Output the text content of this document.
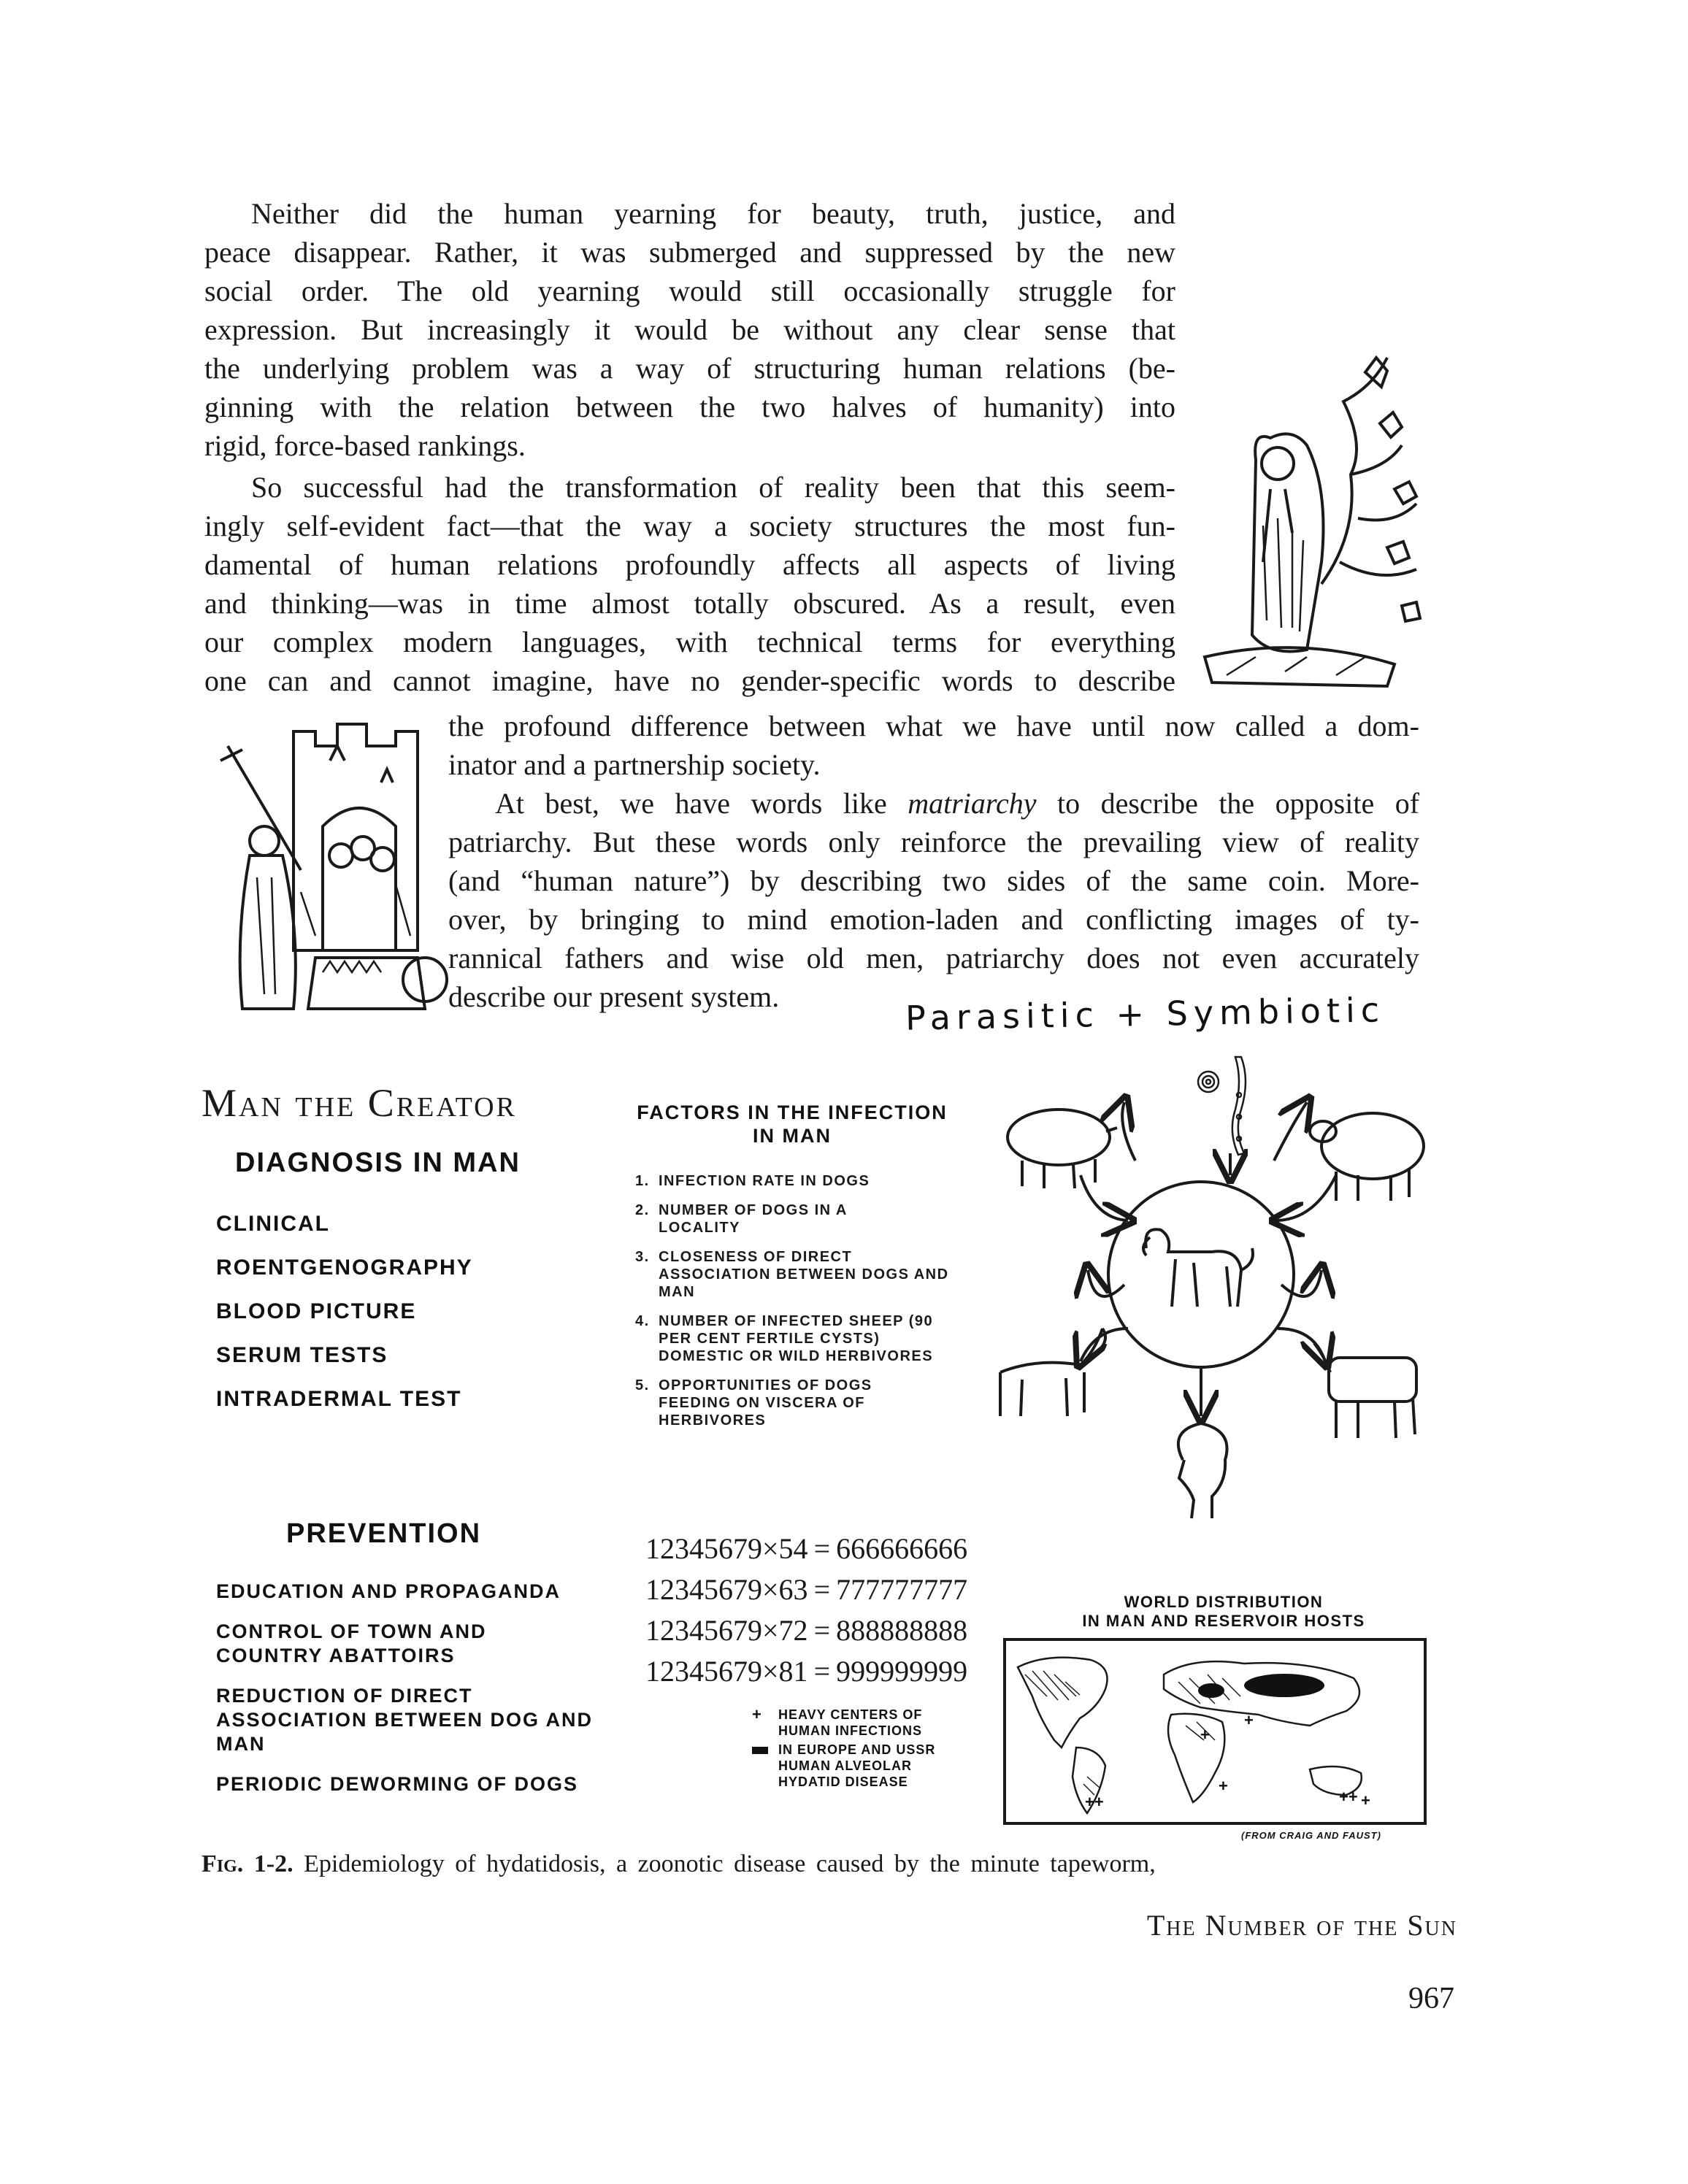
Neither did the human yearning for beauty, truth, justice, and
peace disappear. Rather, it was submerged and suppressed by the new
social order. The old yearning would still occasionally struggle for
expression. But increasingly it would be without any clear sense that
the underlying problem was a way of structuring human relations (be-
ginning with the relation between the two halves of humanity) into
rigid, force-based rankings.
So successful had the transformation of reality been that this seem-
ingly self-evident fact—that the way a society structures the most fun-
damental of human relations profoundly affects all aspects of living
and thinking—was in time almost totally obscured. As a result, even
our complex modern languages, with technical terms for everything
one can and cannot imagine, have no gender-specific words to describe
the profound difference between what we have until now called a dom-
inator and a partnership society.
At best, we have words like matriarchy to describe the opposite of
patriarchy. But these words only reinforce the prevailing view of reality
(and “human nature”) by describing two sides of the same coin. More-
over, by bringing to mind emotion-laden and conflicting images of ty-
rannical fathers and wise old men, patriarchy does not even accurately
describe our present system.	Parasitic + Symbiotic
Man the Creator
DIAGNOSIS IN MAN
CLINICAL
ROENTGENOGRAPHY
BLOOD PICTURE
SERUM TESTS
INTRADERMAL TEST
PREVENTION
EDUCATION AND PROPAGANDA
CONTROL OF TOWN AND COUNTRY ABATTOIRS
REDUCTION OF DIRECT ASSOCIATION BETWEEN DOG AND MAN
PERIODIC DEWORMING OF DOGS
FACTORS IN THE INFECTION
IN MAN
1. INFECTION RATE IN DOGS
2. NUMBER OF DOGS IN A LOCALITY
3. CLOSENESS OF DIRECT ASSOCIATION BETWEEN DOGS AND MAN
4. NUMBER OF INFECTED SHEEP (90 PER CENT FERTILE CYSTS) DOMESTIC OR WILD HERBIVORES
5. OPPORTUNITIES OF DOGS FEEDING ON VISCERA OF HERBIVORES
12345679×54 = 666666666
12345679×63 = 777777777
12345679×72 = 888888888
12345679×81 = 999999999
+	HEAVY CENTERS OF HUMAN INFECTIONS
IN EUROPE AND USSR HUMAN ALVEOLAR HYDATID DISEASE
WORLD DISTRIBUTION
IN MAN AND RESERVOIR HOSTS
+
++
+
++ +
+
(FROM CRAIG AND FAUST)
Fig. 1-2. Epidemiology of hydatidosis, a zoonotic disease caused by the minute tapeworm,
The Number of the Sun
967
